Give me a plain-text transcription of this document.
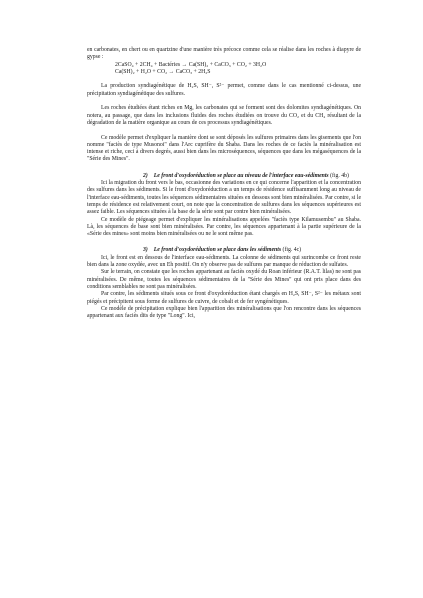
en carbonates, en chert ou en quartzine d'une manière très précoce comme cela se réalise dans les roches à diapyre de gypse :

2CaSO₄ + 2CH₄ + Bactéries → Ca(SH)₂ + CaCO₃ + CO₂ + 3H₂O

Ca(SH)₂ + H₂O + CO₂ → CaCO₃ + 2H₂S

La production syndiagénétique de H₂S, SH⁻, S²⁻ permet, comme dans le cas mentionné ci-dessus, une précipitation syndiagénétique des sulfures.

Les roches étudiées étant riches en Mg, les carbonates qui se forment sont des dolomites syndiagénétiques. On notera, au passage, que dans les inclusions fluides des roches étudiées on trouve du CO₂ et du CH₄ résultant de la dégradation de la matière organique au cours de ces processus syndiagénétiques.

Ce modèle permet d'expliquer la manière dont se sont déposés les sulfures primaires dans les gisements que l'on nomme "faciès de type Musonoi" dans l'Arc cuprifère du Shaba. Dans les roches de ce faciès la minéralisation est intense et riche, ceci à divers degrés, aussi bien dans les microséquences, séquences que dans les mégaséquences de la "Série des Mines".

2) Le front d'oxydoréduction se place au niveau de l'interface eau-sédiments (fig. 4b)

Ici la migration du front vers le bas, occasionne des variations en ce qui concerne l'apparition et la concentration des sulfures dans les sédiments. Si le front d'oxydoréduction a un temps de résidence suffisamment long au niveau de l'interface eau-sédiments, toutes les séquences sédimentaires situées en dessous sont bien minéralisées. Par contre, si le temps de résidence est relativement court, on note que la concentration de sulfures dans les séquences supérieures est assez faible. Les séquences situées à la base de la série sont par contre bien minéralisées.

Ce modèle de piégeage permet d'expliquer les minéralisations appelées "faciès type Kilamusembu" au Shaba. Là, les séquences de base sont bien minéralisées. Par contre, les séquences appartenant à la partie supérieure de la «Série des mines» sont moins bien minéralisées ou ne le sont même pas.

3) Le front d'oxydoréduction se place dans les sédiments (fig. 4c)

Ici, le front est en dessous de l'interface eau-sédiments. La colonne de sédiments qui surincombe ce front reste bien dans la zone oxydée, avec un Eh positif. On n'y observe pas de sulfures par manque de réduction de sulfates.

Sur le terrain, on constate que les roches appartenant au faciès oxydé du Roan inférieur (R.A.T. lilas) ne sont pas minéralisées. De même, toutes les séquences sédimentaires de la "Série des Mines" qui ont pris place dans des conditions semblables ne sont pas minéralisées.

Par contre, les sédiments situés sous ce front d'oxydoréduction étant chargés en H₂S, SH⁻, S²⁻ les métaux sont piégés et précipitent sous forme de sulfures de cuivre, de cobalt et de fer syngénétiques.

Ce modèle de précipitation explique bien l'apparition des minéralisations que l'on rencontre dans les séquences appartenant aux faciès dits de type "Long". Ici,
